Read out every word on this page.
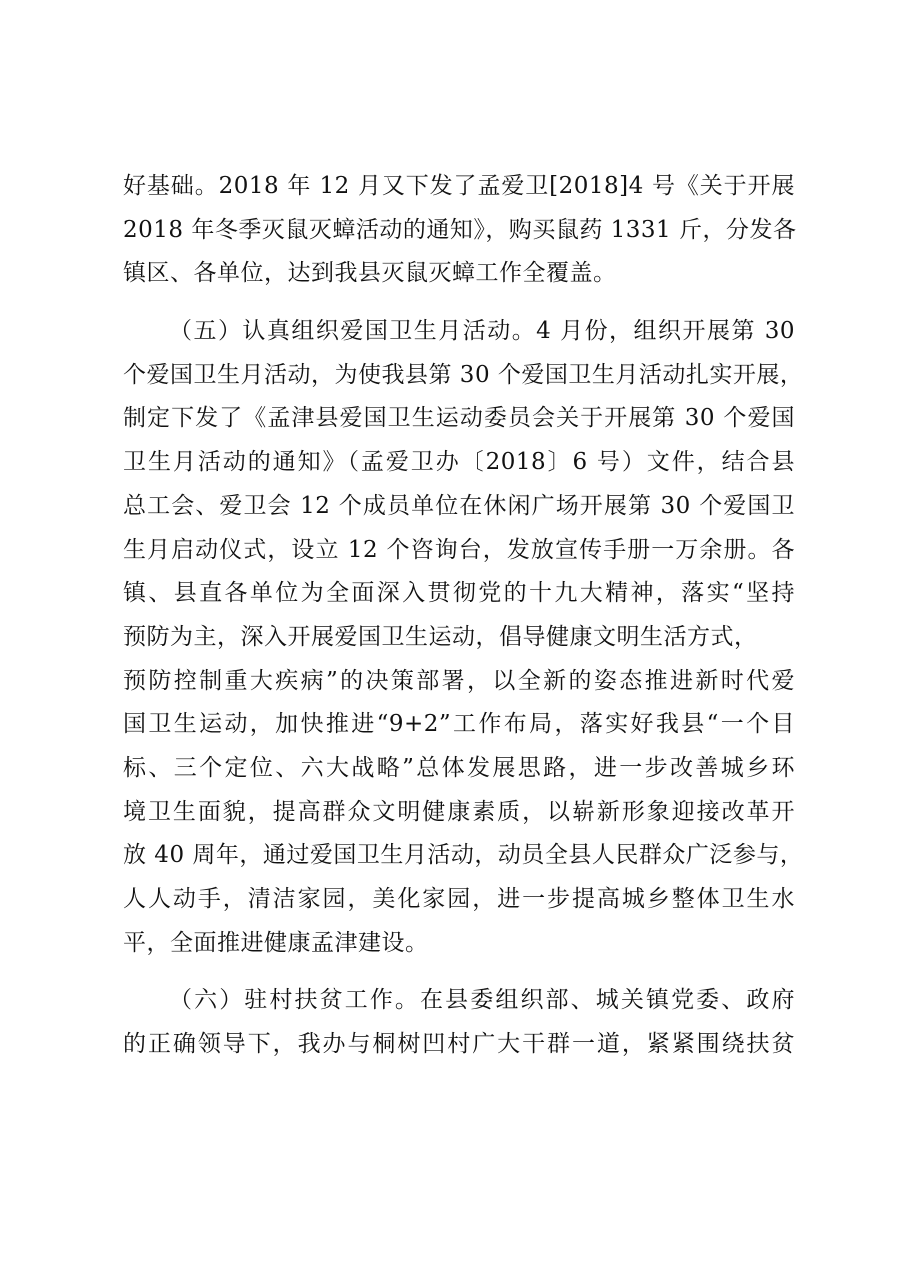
好基础。2018 年 12 月又下发了孟爱卫[2018]4 号《关于开展
2018 年冬季灭鼠灭蟑活动的通知》，购买鼠药 1331 斤，分发各
镇区、各单位，达到我县灭鼠灭蟑工作全覆盖。
（五）认真组织爱国卫生月活动。4 月份，组织开展第 30
个爱国卫生月活动，为使我县第 30 个爱国卫生月活动扎实开展，
制定下发了《孟津县爱国卫生运动委员会关于开展第 30 个爱国
卫生月活动的通知》（孟爱卫办〔2018〕6 号）文件，结合县
总工会、爱卫会 12 个成员单位在休闲广场开展第 30 个爱国卫
生月启动仪式，设立 12 个咨询台，发放宣传手册一万余册。各
镇、县直各单位为全面深入贯彻党的十九大精神，落实“坚持
预防为主，深入开展爱国卫生运动，倡导健康文明生活方式，
预防控制重大疾病”的决策部署，以全新的姿态推进新时代爱
国卫生运动，加快推进“9+2”工作布局，落实好我县“一个目
标、三个定位、六大战略”总体发展思路，进一步改善城乡环
境卫生面貌，提高群众文明健康素质，以崭新形象迎接改革开
放 40 周年，通过爱国卫生月活动，动员全县人民群众广泛参与，
人人动手，清洁家园，美化家园，进一步提高城乡整体卫生水
平，全面推进健康孟津建设。
（六）驻村扶贫工作。在县委组织部、城关镇党委、政府
的正确领导下，我办与桐树凹村广大干群一道，紧紧围绕扶贫
